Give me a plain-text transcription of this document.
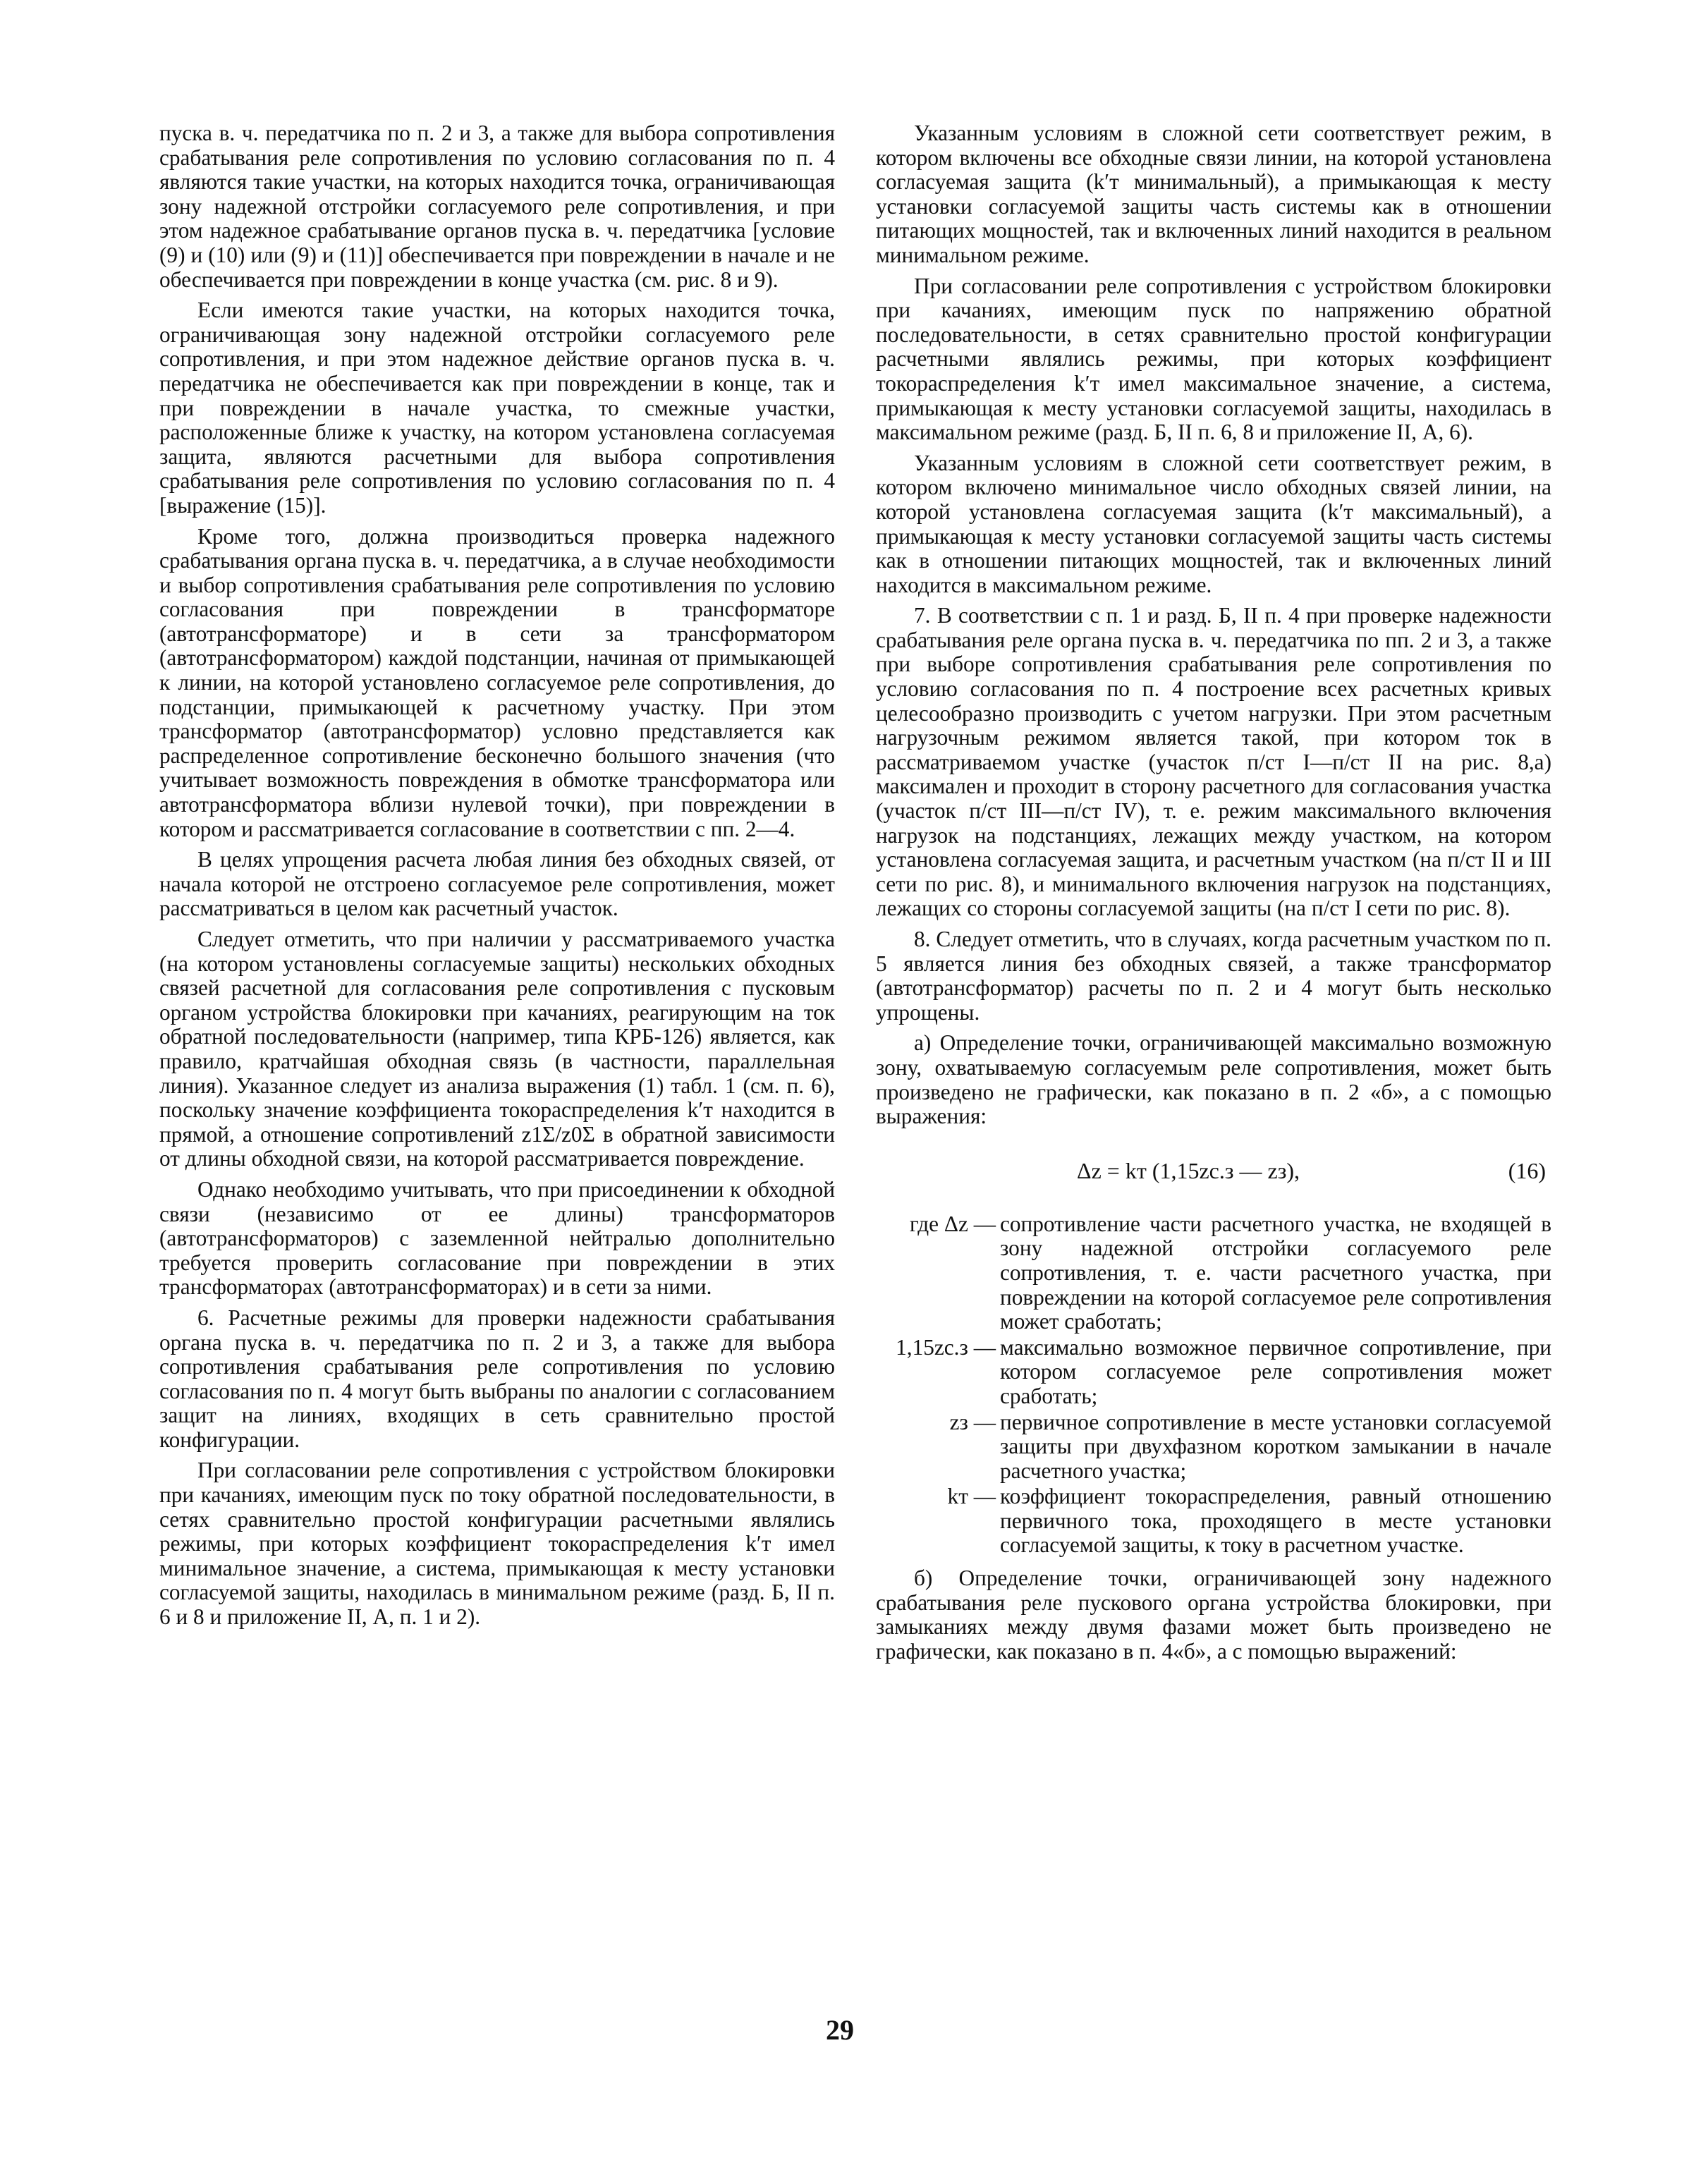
пуска в. ч. передатчика по п. 2 и 3, а также для выбора сопротивления срабатывания реле сопротивления по условию согласования по п. 4 являются такие участки, на которых находится точка, ограничивающая зону надежной отстройки согласуемого реле сопротивления, и при этом надежное срабатывание органов пуска в. ч. передатчика [условие (9) и (10) или (9) и (11)] обеспечивается при повреждении в начале и не обеспечивается при повреждении в конце участка (см. рис. 8 и 9).

Если имеются такие участки, на которых находится точка, ограничивающая зону надежной отстройки согласуемого реле сопротивления, и при этом надежное действие органов пуска в. ч. передатчика не обеспечивается как при повреждении в конце, так и при повреждении в начале участка, то смежные участки, расположенные ближе к участку, на котором установлена согласуемая защита, являются расчетными для выбора сопротивления срабатывания реле сопротивления по условию согласования по п. 4 [выражение (15)].

Кроме того, должна производиться проверка надежного срабатывания органа пуска в. ч. передатчика, а в случае необходимости и выбор сопротивления срабатывания реле сопротивления по условию согласования при повреждении в трансформаторе (автотрансформаторе) и в сети за трансформатором (автотрансформатором) каждой подстанции, начиная от примыкающей к линии, на которой установлено согласуемое реле сопротивления, до подстанции, примыкающей к расчетному участку. При этом трансформатор (автотрансформатор) условно представляется как распределенное сопротивление бесконечно большого значения (что учитывает возможность повреждения в обмотке трансформатора или автотрансформатора вблизи нулевой точки), при повреждении в котором и рассматривается согласование в соответствии с пп. 2—4.

В целях упрощения расчета любая линия без обходных связей, от начала которой не отстроено согласуемое реле сопротивления, может рассматриваться в целом как расчетный участок.

Следует отметить, что при наличии у рассматриваемого участка (на котором установлены согласуемые защиты) нескольких обходных связей расчетной для согласования реле сопротивления с пусковым органом устройства блокировки при качаниях, реагирующим на ток обратной последовательности (например, типа КРБ-126) является, как правило, кратчайшая обходная связь (в частности, параллельная линия). Указанное следует из анализа выражения (1) табл. 1 (см. п. 6), поскольку значение коэффициента токораспределения k′т находится в прямой, а отношение сопротивлений z1Σ/z0Σ в обратной зависимости от длины обходной связи, на которой рассматривается повреждение.

Однако необходимо учитывать, что при присоединении к обходной связи (независимо от ее длины) трансформаторов (автотрансформаторов) с заземленной нейтралью дополнительно требуется проверить согласование при повреждении в этих трансформаторах (автотрансформаторах) и в сети за ними.

6. Расчетные режимы для проверки надежности срабатывания органа пуска в. ч. передатчика по п. 2 и 3, а также для выбора сопротивления срабатывания реле сопротивления по условию согласования по п. 4 могут быть выбраны по аналогии с согласованием защит на линиях, входящих в сеть сравнительно простой конфигурации.

При согласовании реле сопротивления с устройством блокировки при качаниях, имеющим пуск по току обратной последовательности, в сетях сравнительно простой конфигурации расчетными являлись режимы, при которых коэффициент токораспределения k′т имел минимальное значение, а система, примыкающая к месту установки согласуемой защиты, находилась в минимальном режиме (разд. Б, II п. 6 и 8 и приложение II, А, п. 1 и 2).

Указанным условиям в сложной сети соответствует режим, в котором включены все обходные связи линии, на которой установлена согласуемая защита (k′т минимальный), а примыкающая к месту установки согласуемой защиты часть системы как в отношении питающих мощностей, так и включенных линий находится в реальном минимальном режиме.

При согласовании реле сопротивления с устройством блокировки при качаниях, имеющим пуск по напряжению обратной последовательности, в сетях сравнительно простой конфигурации расчетными являлись режимы, при которых коэффициент токораспределения k′т имел максимальное значение, а система, примыкающая к месту установки согласуемой защиты, находилась в максимальном режиме (разд. Б, II п. 6, 8 и приложение II, А, 6).

Указанным условиям в сложной сети соответствует режим, в котором включено минимальное число обходных связей линии, на которой установлена согласуемая защита (k′т максимальный), а примыкающая к месту установки согласуемой защиты часть системы как в отношении питающих мощностей, так и включенных линий находится в максимальном режиме.

7. В соответствии с п. 1 и разд. Б, II п. 4 при проверке надежности срабатывания реле органа пуска в. ч. передатчика по пп. 2 и 3, а также при выборе сопротивления срабатывания реле сопротивления по условию согласования по п. 4 построение всех расчетных кривых целесообразно производить с учетом нагрузки. При этом расчетным нагрузочным режимом является такой, при котором ток в рассматриваемом участке (участок п/ст I—п/ст II на рис. 8,а) максимален и проходит в сторону расчетного для согласования участка (участок п/ст III—п/ст IV), т. е. режим максимального включения нагрузок на подстанциях, лежащих между участком, на котором установлена согласуемая защита, и расчетным участком (на п/ст II и III сети по рис. 8), и минимального включения нагрузок на подстанциях, лежащих со стороны согласуемой защиты (на п/ст I сети по рис. 8).

8. Следует отметить, что в случаях, когда расчетным участком по п. 5 является линия без обходных связей, а также трансформатор (автотрансформатор) расчеты по п. 2 и 4 могут быть несколько упрощены.

а) Определение точки, ограничивающей максимально возможную зону, охватываемую согласуемым реле сопротивления, может быть произведено не графически, как показано в п. 2 «б», а с помощью выражения:

Δz = kт (1,15zс.з — zз),	(16)
где Δz — сопротивление части расчетного участка, не входящей в зону надежной отстройки согласуемого реле сопротивления, т. е. части расчетного участка, при повреждении на которой согласуемое реле сопротивления может сработать;
1,15zс.з — максимально возможное первичное сопротивление, при котором согласуемое реле сопротивления может сработать;
zз — первичное сопротивление в месте установки согласуемой защиты при двухфазном коротком замыкании в начале расчетного участка;
kт — коэффициент токораспределения, равный отношению первичного тока, проходящего в месте установки согласуемой защиты, к току в расчетном участке.

б) Определение точки, ограничивающей зону надежного срабатывания реле пускового органа устройства блокировки, при замыканиях между двумя фазами может быть произведено не графически, как показано в п. 4«б», а с помощью выражений:

29
